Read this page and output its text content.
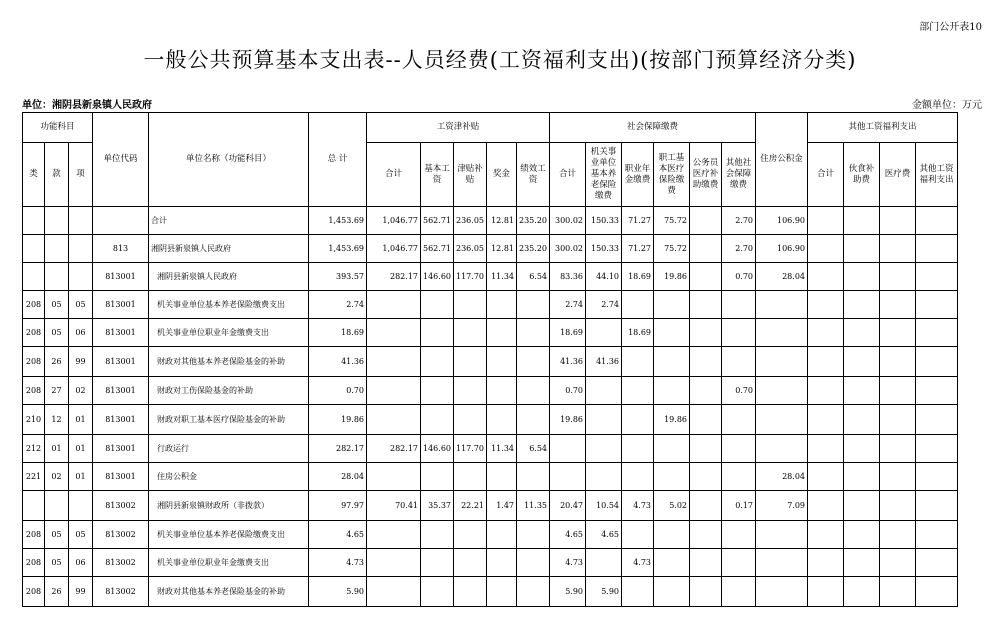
部门公开表10
一般公共预算基本支出表--人员经费(工资福利支出)(按部门预算经济分类)
单位：湘阴县新泉镇人民政府	金额单位：万元
功能科目			单位代码	单位名称（功能科目）	总 计	工资津补贴					社会保障缴费						住房公积金	其他工资福利支出			
类	款	项				合计	基本工资	津贴补贴	奖金	绩效工资	合计	机关事业单位基本养老保险缴费	职业年金缴费	职工基本医疗保险缴费	公务员医疗补助缴费	其他社会保障缴费		合计	伙食补助费	医疗费	其他工资福利支出
				合计	1,453.69	1,046.77	562.71	236.05	12.81	235.20	300.02	150.33	71.27	75.72		2.70	106.90				
			813	湘阴县新泉镇人民政府	1,453.69	1,046.77	562.71	236.05	12.81	235.20	300.02	150.33	71.27	75.72		2.70	106.90				
			813001	湘阴县新泉镇人民政府	393.57	282.17	146.60	117.70	11.34	6.54	83.36	44.10	18.69	19.86		0.70	28.04				
208	05	05	813001	机关事业单位基本养老保险缴费支出	2.74						2.74	2.74									
208	05	06	813001	机关事业单位职业年金缴费支出	18.69						18.69		18.69								
208	26	99	813001	财政对其他基本养老保险基金的补助	41.36						41.36	41.36									
208	27	02	813001	财政对工伤保险基金的补助	0.70						0.70					0.70					
210	12	01	813001	财政对职工基本医疗保险基金的补助	19.86						19.86			19.86							
212	01	01	813001	行政运行	282.17	282.17	146.60	117.70	11.34	6.54											
221	02	01	813001	住房公积金	28.04												28.04				
			813002	湘阴县新泉镇财政所（非拨款）	97.97	70.41	35.37	22.21	1.47	11.35	20.47	10.54	4.73	5.02		0.17	7.09				
208	05	05	813002	机关事业单位基本养老保险缴费支出	4.65						4.65	4.65									
208	05	06	813002	机关事业单位职业年金缴费支出	4.73						4.73		4.73								
208	26	99	813002	财政对其他基本养老保险基金的补助	5.90						5.90	5.90									
